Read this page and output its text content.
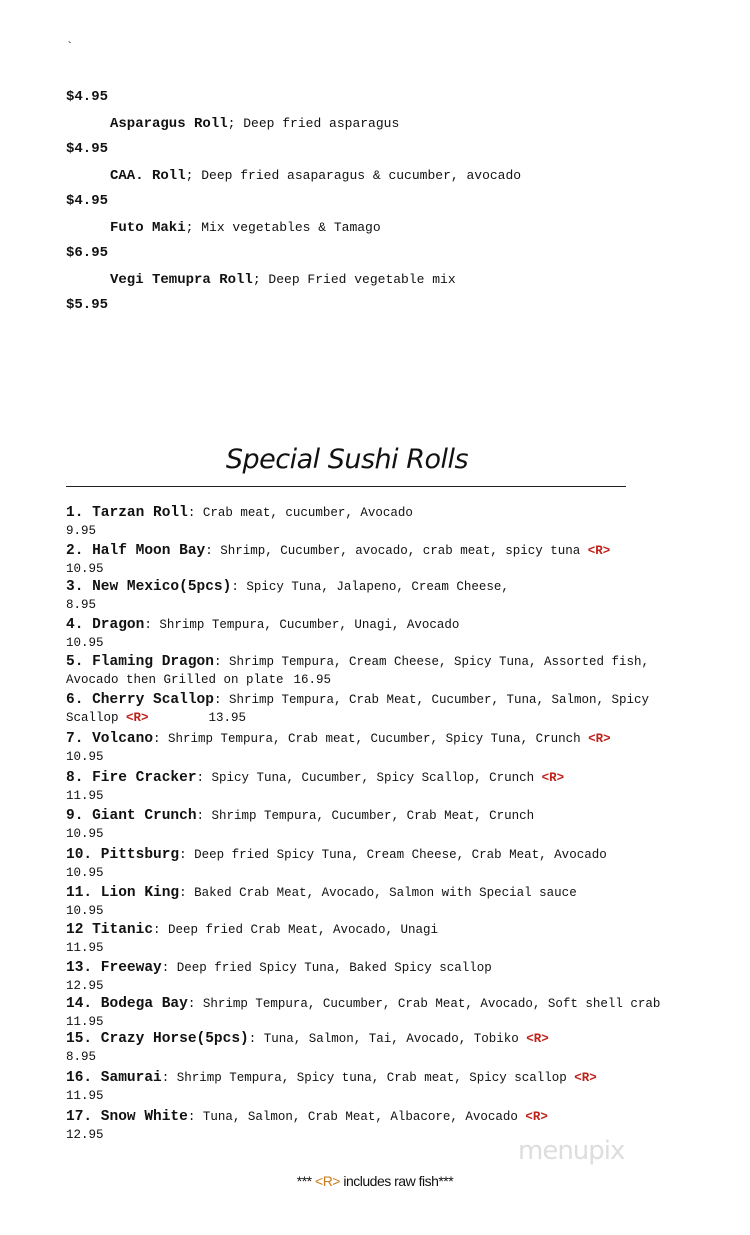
`
$4.95
Asparagus Roll; Deep fried asparagus
$4.95
CAA. Roll; Deep fried asaparagus & cucumber, avocado
$4.95
Futo Maki; Mix vegetables & Tamago
$6.95
Vegi Temupra Roll; Deep Fried vegetable mix
$5.95
Special Sushi Rolls
1. Tarzan Roll: Crab meat, cucumber, Avocado
9.95
2. Half Moon Bay: Shrimp, Cucumber, avocado, crab meat, spicy tuna <R>
10.95
3. New Mexico(5pcs): Spicy Tuna, Jalapeno, Cream Cheese,
8.95
4. Dragon: Shrimp Tempura, Cucumber, Unagi, Avocado
10.95
5. Flaming Dragon: Shrimp Tempura, Cream Cheese, Spicy Tuna, Assorted fish,
Avocado then Grilled on plate 16.95
6. Cherry Scallop: Shrimp Tempura, Crab Meat, Cucumber, Tuna, Salmon, Spicy
Scallop <R>	13.95
7. Volcano: Shrimp Tempura, Crab meat, Cucumber, Spicy Tuna, Crunch <R>
10.95
8. Fire Cracker: Spicy Tuna, Cucumber, Spicy Scallop, Crunch <R>
11.95
9. Giant Crunch: Shrimp Tempura, Cucumber, Crab Meat, Crunch
10.95
10. Pittsburg: Deep fried Spicy Tuna, Cream Cheese, Crab Meat, Avocado
10.95
11. Lion King: Baked Crab Meat, Avocado, Salmon with Special sauce
10.95
12 Titanic: Deep fried Crab Meat, Avocado, Unagi
11.95
13. Freeway: Deep fried Spicy Tuna, Baked Spicy scallop
12.95
14. Bodega Bay: Shrimp Tempura, Cucumber, Crab Meat, Avocado, Soft shell crab
11.95
15. Crazy Horse(5pcs): Tuna, Salmon, Tai, Avocado, Tobiko <R>
8.95
16. Samurai: Shrimp Tempura, Spicy tuna, Crab meat, Spicy scallop <R>
11.95
17. Snow White: Tuna, Salmon, Crab Meat, Albacore, Avocado <R>
12.95
*** <R> includes raw fish***
menupix
